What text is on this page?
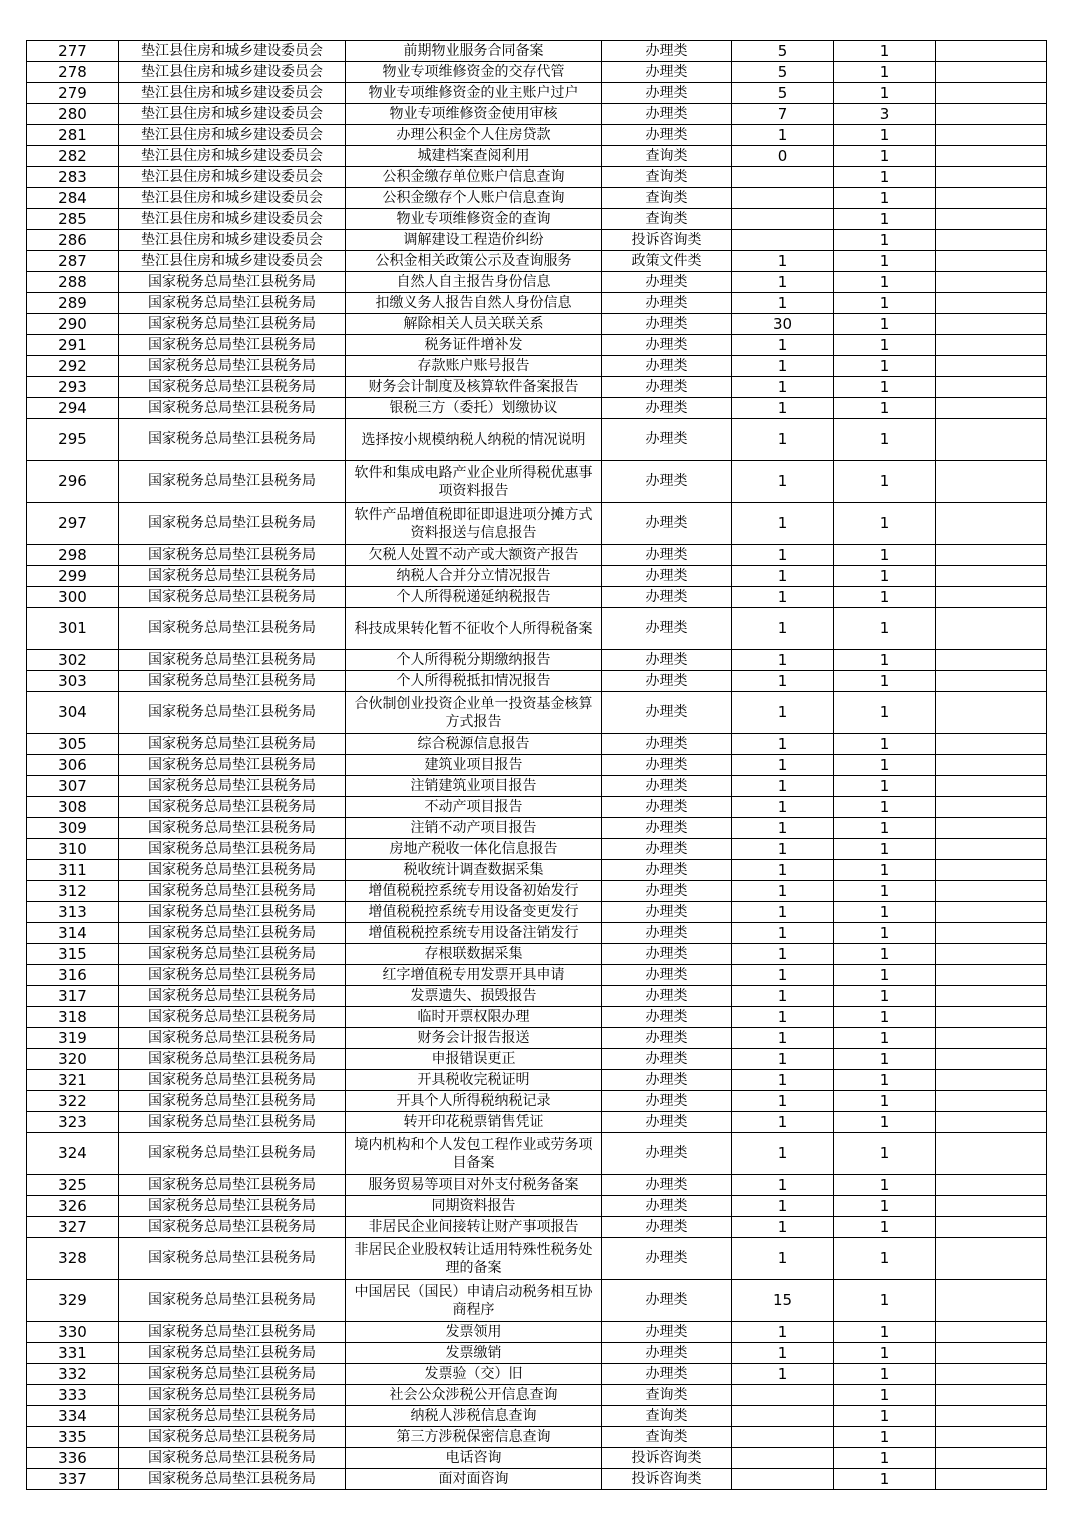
277	垫江县住房和城乡建设委员会	前期物业服务合同备案	办理类	5	1	
278	垫江县住房和城乡建设委员会	物业专项维修资金的交存代管	办理类	5	1	
279	垫江县住房和城乡建设委员会	物业专项维修资金的业主账户过户	办理类	5	1	
280	垫江县住房和城乡建设委员会	物业专项维修资金使用审核	办理类	7	3	
281	垫江县住房和城乡建设委员会	办理公积金个人住房贷款	办理类	1	1	
282	垫江县住房和城乡建设委员会	城建档案查阅利用	查询类	0	1	
283	垫江县住房和城乡建设委员会	公积金缴存单位账户信息查询	查询类		1	
284	垫江县住房和城乡建设委员会	公积金缴存个人账户信息查询	查询类		1	
285	垫江县住房和城乡建设委员会	物业专项维修资金的查询	查询类		1	
286	垫江县住房和城乡建设委员会	调解建设工程造价纠纷	投诉咨询类		1	
287	垫江县住房和城乡建设委员会	公积金相关政策公示及查询服务	政策文件类	1	1	
288	国家税务总局垫江县税务局	自然人自主报告身份信息	办理类	1	1	
289	国家税务总局垫江县税务局	扣缴义务人报告自然人身份信息	办理类	1	1	
290	国家税务总局垫江县税务局	解除相关人员关联关系	办理类	30	1	
291	国家税务总局垫江县税务局	税务证件增补发	办理类	1	1	
292	国家税务总局垫江县税务局	存款账户账号报告	办理类	1	1	
293	国家税务总局垫江县税务局	财务会计制度及核算软件备案报告	办理类	1	1	
294	国家税务总局垫江县税务局	银税三方（委托）划缴协议	办理类	1	1	
295	国家税务总局垫江县税务局	选择按小规模纳税人纳税的情况说明	办理类	1	1	
296	国家税务总局垫江县税务局	软件和集成电路产业企业所得税优惠事项资料报告	办理类	1	1	
297	国家税务总局垫江县税务局	软件产品增值税即征即退进项分摊方式资料报送与信息报告	办理类	1	1	
298	国家税务总局垫江县税务局	欠税人处置不动产或大额资产报告	办理类	1	1	
299	国家税务总局垫江县税务局	纳税人合并分立情况报告	办理类	1	1	
300	国家税务总局垫江县税务局	个人所得税递延纳税报告	办理类	1	1	
301	国家税务总局垫江县税务局	科技成果转化暂不征收个人所得税备案	办理类	1	1	
302	国家税务总局垫江县税务局	个人所得税分期缴纳报告	办理类	1	1	
303	国家税务总局垫江县税务局	个人所得税抵扣情况报告	办理类	1	1	
304	国家税务总局垫江县税务局	合伙制创业投资企业单一投资基金核算方式报告	办理类	1	1	
305	国家税务总局垫江县税务局	综合税源信息报告	办理类	1	1	
306	国家税务总局垫江县税务局	建筑业项目报告	办理类	1	1	
307	国家税务总局垫江县税务局	注销建筑业项目报告	办理类	1	1	
308	国家税务总局垫江县税务局	不动产项目报告	办理类	1	1	
309	国家税务总局垫江县税务局	注销不动产项目报告	办理类	1	1	
310	国家税务总局垫江县税务局	房地产税收一体化信息报告	办理类	1	1	
311	国家税务总局垫江县税务局	税收统计调查数据采集	办理类	1	1	
312	国家税务总局垫江县税务局	增值税税控系统专用设备初始发行	办理类	1	1	
313	国家税务总局垫江县税务局	增值税税控系统专用设备变更发行	办理类	1	1	
314	国家税务总局垫江县税务局	增值税税控系统专用设备注销发行	办理类	1	1	
315	国家税务总局垫江县税务局	存根联数据采集	办理类	1	1	
316	国家税务总局垫江县税务局	红字增值税专用发票开具申请	办理类	1	1	
317	国家税务总局垫江县税务局	发票遗失、损毁报告	办理类	1	1	
318	国家税务总局垫江县税务局	临时开票权限办理	办理类	1	1	
319	国家税务总局垫江县税务局	财务会计报告报送	办理类	1	1	
320	国家税务总局垫江县税务局	申报错误更正	办理类	1	1	
321	国家税务总局垫江县税务局	开具税收完税证明	办理类	1	1	
322	国家税务总局垫江县税务局	开具个人所得税纳税记录	办理类	1	1	
323	国家税务总局垫江县税务局	转开印花税票销售凭证	办理类	1	1	
324	国家税务总局垫江县税务局	境内机构和个人发包工程作业或劳务项目备案	办理类	1	1	
325	国家税务总局垫江县税务局	服务贸易等项目对外支付税务备案	办理类	1	1	
326	国家税务总局垫江县税务局	同期资料报告	办理类	1	1	
327	国家税务总局垫江县税务局	非居民企业间接转让财产事项报告	办理类	1	1	
328	国家税务总局垫江县税务局	非居民企业股权转让适用特殊性税务处理的备案	办理类	1	1	
329	国家税务总局垫江县税务局	中国居民（国民）申请启动税务相互协商程序	办理类	15	1	
330	国家税务总局垫江县税务局	发票领用	办理类	1	1	
331	国家税务总局垫江县税务局	发票缴销	办理类	1	1	
332	国家税务总局垫江县税务局	发票验（交）旧	办理类	1	1	
333	国家税务总局垫江县税务局	社会公众涉税公开信息查询	查询类		1	
334	国家税务总局垫江县税务局	纳税人涉税信息查询	查询类		1	
335	国家税务总局垫江县税务局	第三方涉税保密信息查询	查询类		1	
336	国家税务总局垫江县税务局	电话咨询	投诉咨询类		1	
337	国家税务总局垫江县税务局	面对面咨询	投诉咨询类		1	
